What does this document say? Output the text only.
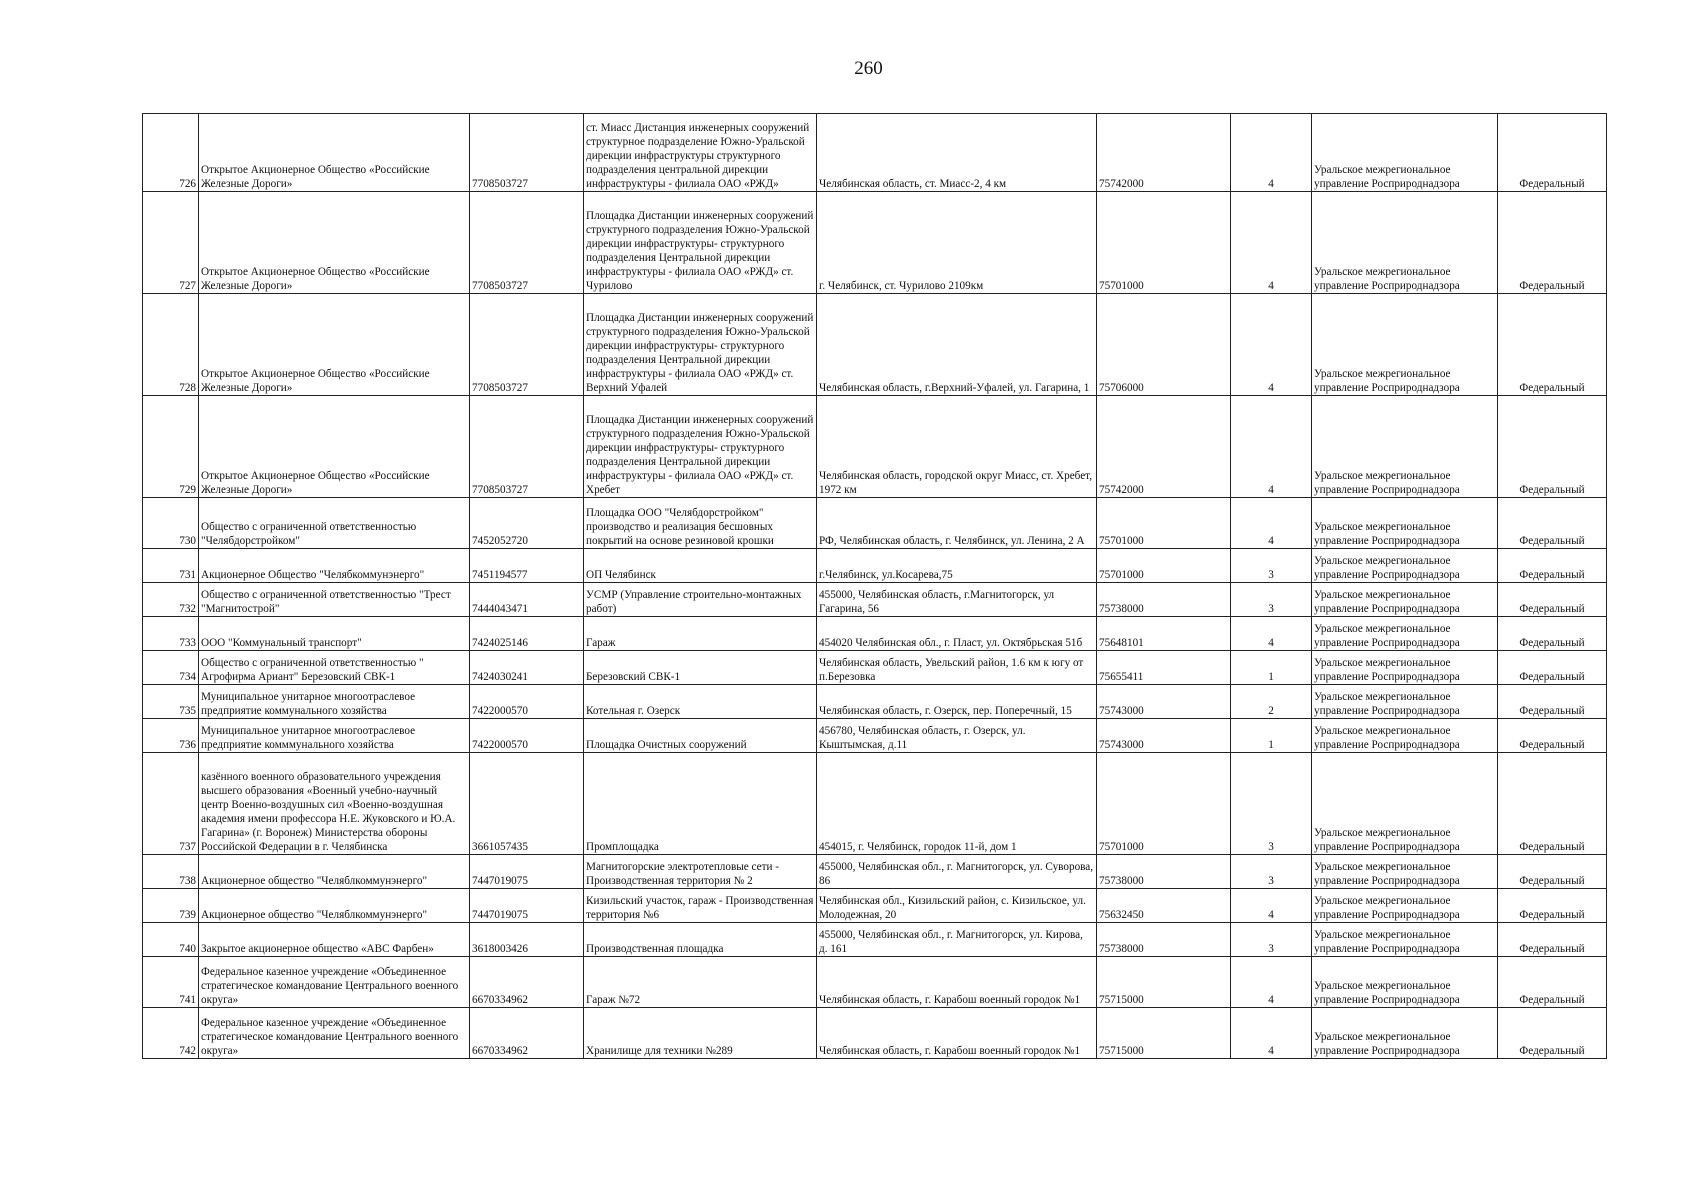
260
726	Открытое Акционерное Общество «Российские Железные Дороги»	7708503727	ст. Миасс Дистанция инженерных сооружений структурное подразделение Южно-Уральской дирекции инфраструктуры структурного подразделения центральной дирекции инфраструктуры - филиала ОАО «РЖД»	Челябинская область, ст. Миасс-2, 4 км	75742000	4	Уральское межрегиональное управление Росприроднадзора	Федеральный

727	Открытое Акционерное Общество «Российские Железные Дороги»	7708503727	Площадка Дистанции инженерных сооружений структурного подразделения Южно-Уральской дирекции инфраструктуры- структурного подразделения Центральной дирекции инфраструктуры - филиала ОАО «РЖД» ст. Чурилово	г. Челябинск, ст. Чурилово 2109км	75701000	4	Уральское межрегиональное управление Росприроднадзора	Федеральный

728	Открытое Акционерное Общество «Российские Железные Дороги»	7708503727	Площадка Дистанции инженерных сооружений структурного подразделения Южно-Уральской дирекции инфраструктуры- структурного подразделения Центральной дирекции инфраструктуры - филиала ОАО «РЖД» ст. Верхний Уфалей	Челябинская область, г.Верхний-Уфалей, ул. Гагарина, 1	75706000	4	Уральское межрегиональное управление Росприроднадзора	Федеральный

729	Открытое Акционерное Общество «Российские Железные Дороги»	7708503727	Площадка Дистанции инженерных сооружений структурного подразделения Южно-Уральской дирекции инфраструктуры- структурного подразделения Центральной дирекции инфраструктуры - филиала ОАО «РЖД» ст. Хребет	Челябинская область, городской округ Миасс, ст. Хребет, 1972 км	75742000	4	Уральское межрегиональное управление Росприроднадзора	Федеральный

730	Общество с ограниченной ответственностью "Челябдорстройком"	7452052720	Площадка ООО "Челябдорстройком" производство и реализация бесшовных покрытий на основе резиновой крошки	РФ, Челябинская область, г. Челябинск, ул. Ленина, 2 А	75701000	4	Уральское межрегиональное управление Росприроднадзора	Федеральный

731	Акционерное Общество "Челябкоммунэнерго"	7451194577	ОП Челябинск	г.Челябинск, ул.Косарева,75	75701000	3	Уральское межрегиональное управление Росприроднадзора	Федеральный

732	Общество с ограниченной ответственностью "Трест "Магнитострой"	7444043471	УСМР (Управление строительно-монтажных работ)	455000, Челябинская область, г.Магнитогорск, ул Гагарина, 56	75738000	3	Уральское межрегиональное управление Росприроднадзора	Федеральный

733	ООО "Коммунальный транспорт"	7424025146	Гараж	454020 Челябинская обл., г. Пласт, ул. Октябрьская 51б	75648101	4	Уральское межрегиональное управление Росприроднадзора	Федеральный

734	Общество с ограниченной ответственностью " Агрофирма Ариант" Березовский СВК-1	7424030241	Березовский СВК-1	Челябинская область, Увельский район, 1.6 км к югу от п.Березовка	75655411	1	Уральское межрегиональное управление Росприроднадзора	Федеральный

735	Муниципальное унитарное многоотраслевое предприятие коммунального хозяйства	7422000570	Котельная г. Озерск	Челябинская область, г. Озерск, пер. Поперечный, 15	75743000	2	Уральское межрегиональное управление Росприроднадзора	Федеральный

736	Муниципальное унитарное многоотраслевое предприятие комммунального хозяйства	7422000570	Площадка Очистных сооружений	456780, Челябинская область, г. Озерск, ул. Кыштымская, д.11	75743000	1	Уральское межрегиональное управление Росприроднадзора	Федеральный

737	казённого военного образовательного учреждения высшего образования «Военный учебно-научный центр Военно-воздушных сил «Военно-воздушная академия имени профессора Н.Е. Жуковского и Ю.А. Гагарина» (г. Воронеж) Министерства обороны Российской Федерации в г. Челябинска	3661057435	Промплощадка	454015, г. Челябинск, городок 11-й, дом 1	75701000	3	Уральское межрегиональное управление Росприроднадзора	Федеральный

738	Акционерное общество "Челяблкоммунэнерго"	7447019075	Магнитогорские электротепловые сети - Производственная территория № 2	455000, Челябинская обл., г. Магнитогорск, ул. Суворова, 86	75738000	3	Уральское межрегиональное управление Росприроднадзора	Федеральный

739	Акционерное общество "Челяблкоммунэнерго"	7447019075	Кизильский участок, гараж - Производственная территория №6	Челябинская обл., Кизильский район, с. Кизильское, ул. Молодежная, 20	75632450	4	Уральское межрегиональное управление Росприроднадзора	Федеральный

740	Закрытое акционерное общество «АВС Фарбен»	3618003426	Производственная площадка	455000, Челябинская обл., г. Магнитогорск, ул. Кирова, д. 161	75738000	3	Уральское межрегиональное управление Росприроднадзора	Федеральный

741	Федеральное казенное учреждение «Объединенное стратегическое командование Центрального военного округа»	6670334962	Гараж №72	Челябинская область, г. Карабош военный городок №1	75715000	4	Уральское межрегиональное управление Росприроднадзора	Федеральный

742	Федеральное казенное учреждение «Объединенное стратегическое командование Центрального военного округа»	6670334962	Хранилище для техники №289	Челябинская область, г. Карабош военный городок №1	75715000	4	Уральское межрегиональное управление Росприроднадзора	Федеральный
